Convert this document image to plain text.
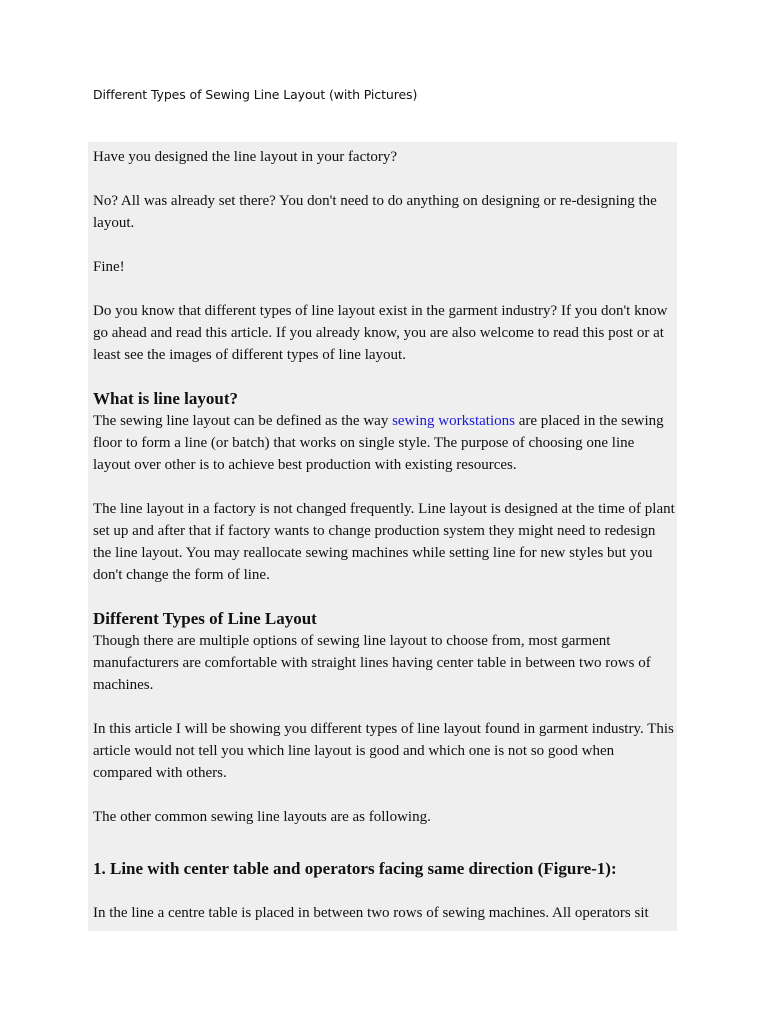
Different Types of Sewing Line Layout (with Pictures)

Have you designed the line layout in your factory?

No? All was already set there? You don't need to do anything on designing or re-designing the layout.

Fine!

Do you know that different types of line layout exist in the garment industry? If you don't know go ahead and read this article. If you already know, you are also welcome to read this post or at least see the images of different types of line layout.

What is line layout?

The sewing line layout can be defined as the way sewing workstations are placed in the sewing floor to form a line (or batch) that works on single style. The purpose of choosing one line layout over other is to achieve best production with existing resources.

The line layout in a factory is not changed frequently. Line layout is designed at the time of plant set up and after that if factory wants to change production system they might need to redesign the line layout. You may reallocate sewing machines while setting line for new styles but you don't change the form of line.

Different Types of Line Layout

Though there are multiple options of sewing line layout to choose from, most garment manufacturers are comfortable with straight lines having center table in between two rows of machines.

In this article I will be showing you different types of line layout found in garment industry. This article would not tell you which line layout is good and which one is not so good when compared with others.

The other common sewing line layouts are as following.

1. Line with center table and operators facing same direction (Figure-1):

In the line a centre table is placed in between two rows of sewing machines. All operators sit
